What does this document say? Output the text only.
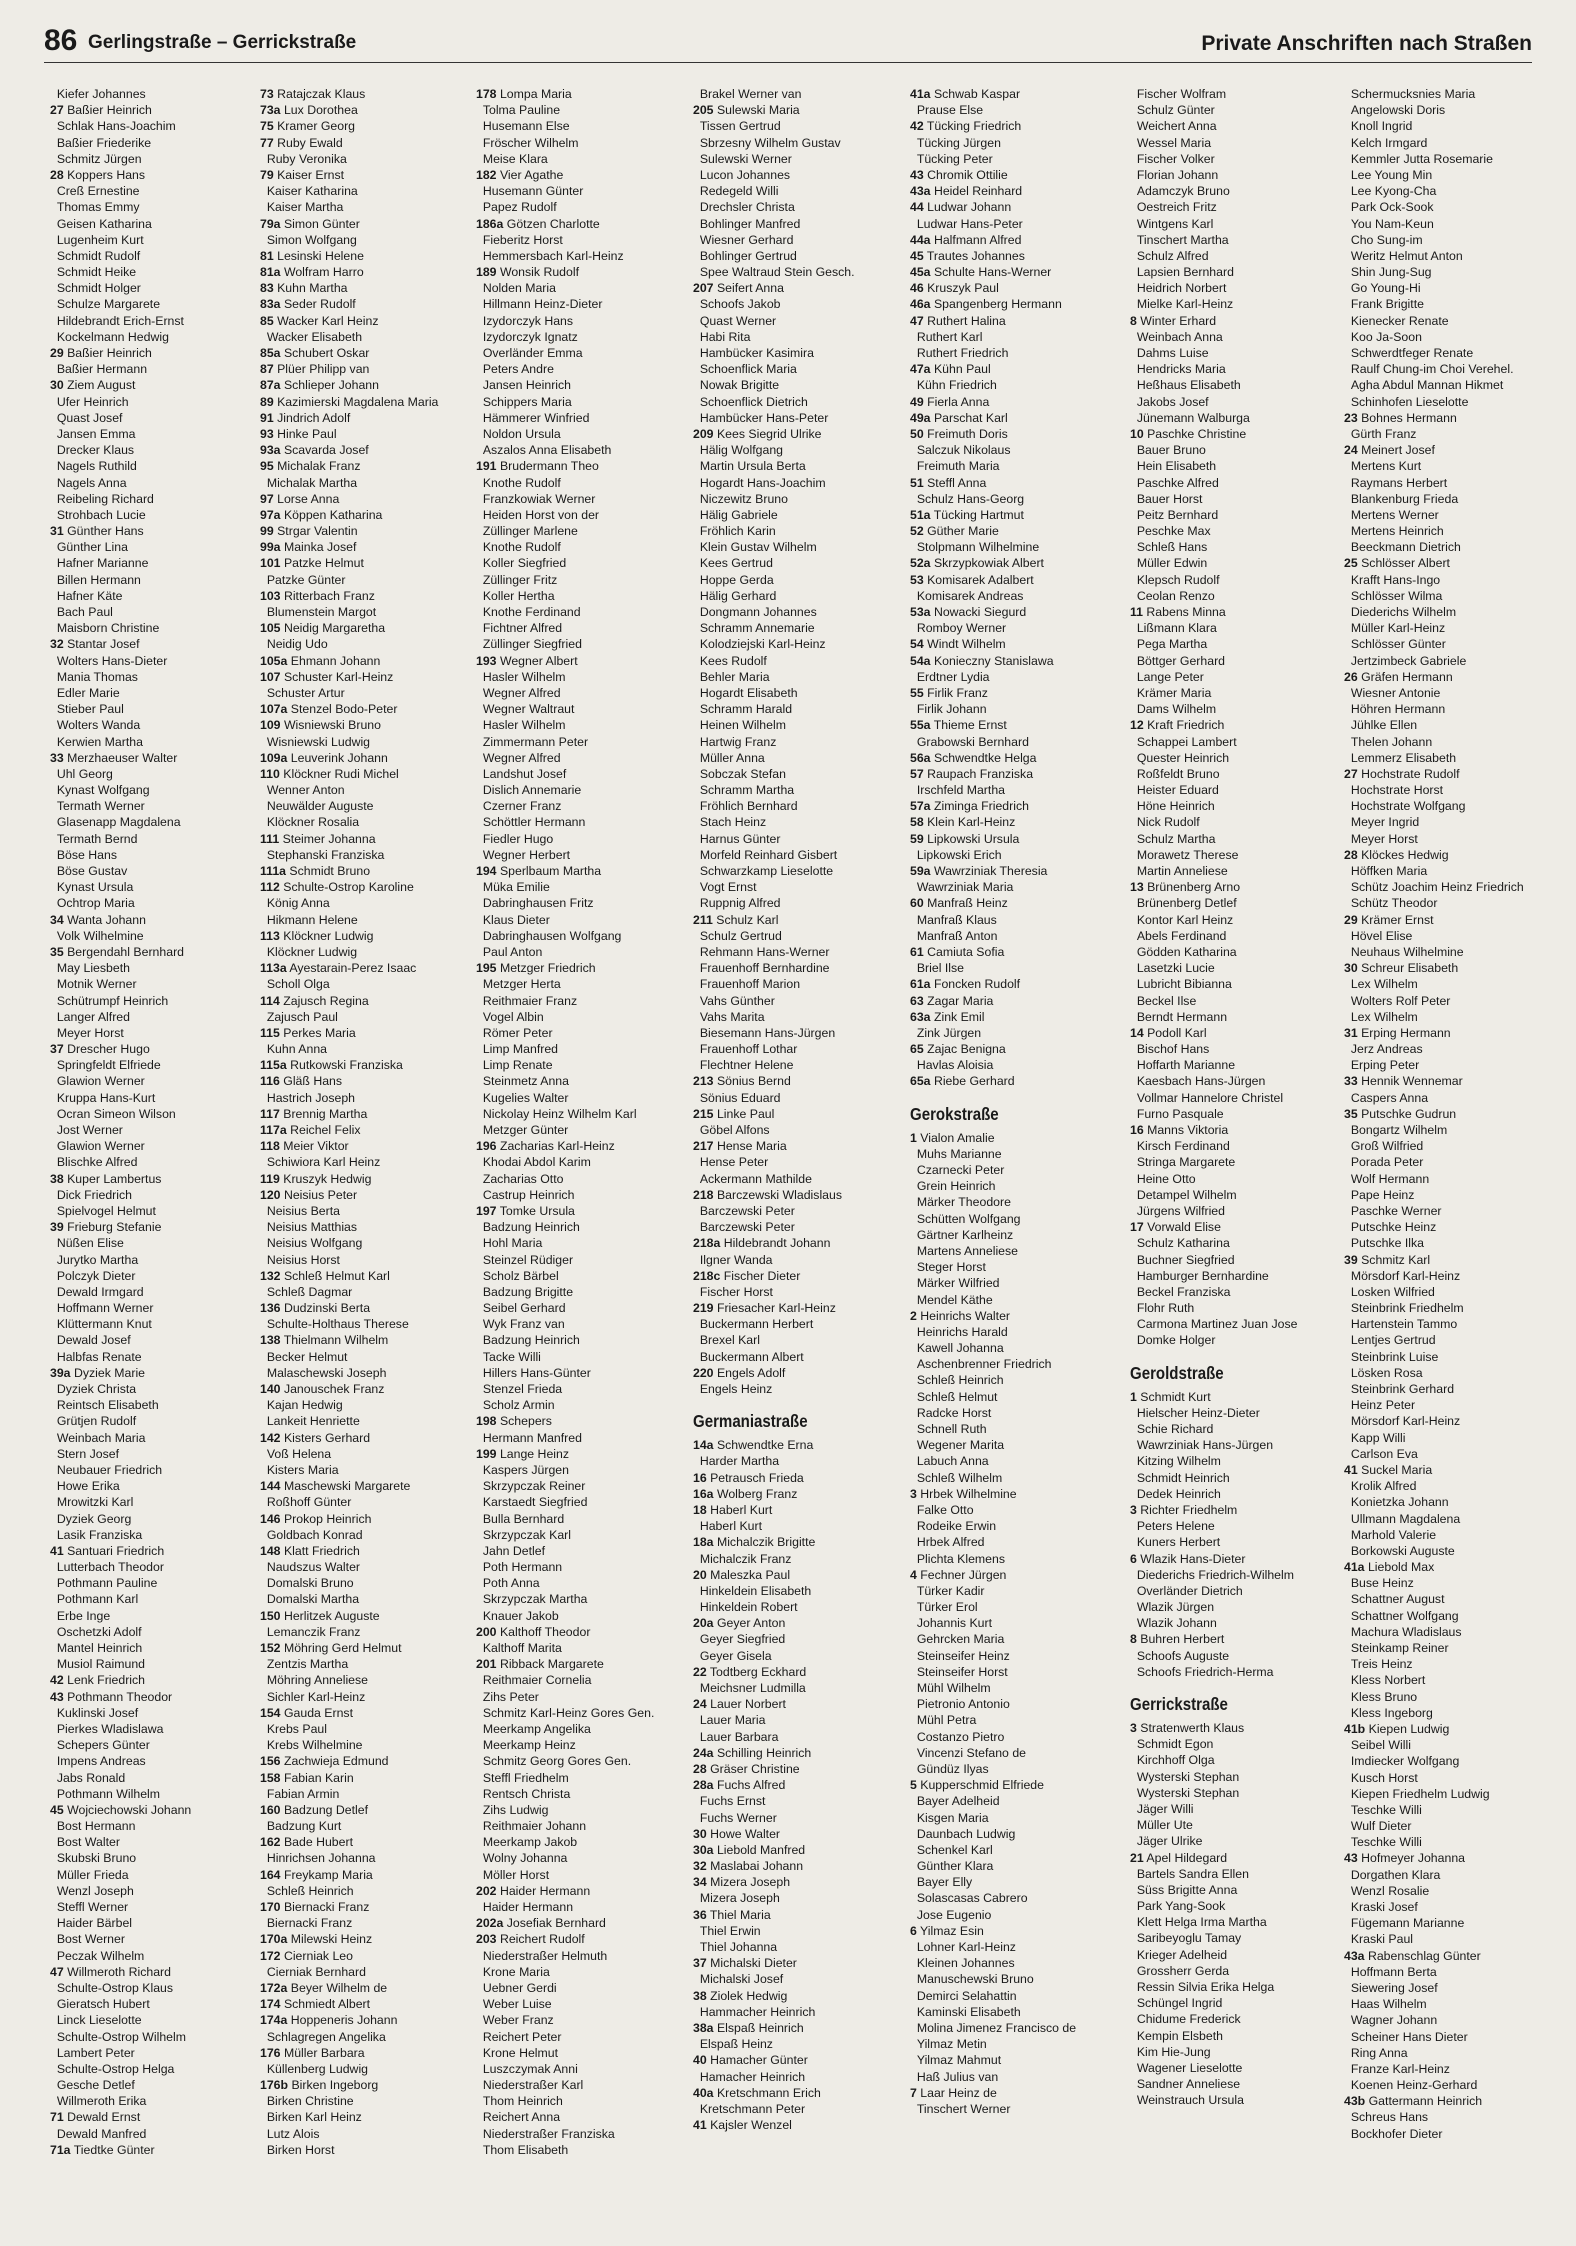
86 Gerlingstraße – Gerrickstraße	Private Anschriften nach Straßen
Kiefer Johannes
27 Baßier Heinrich
Schlak Hans-Joachim
Baßier Friederike
Schmitz Jürgen
28 Koppers Hans
Creß Ernestine
Thomas Emmy
Geisen Katharina
Lugenheim Kurt
Schmidt Rudolf
Schmidt Heike
Schmidt Holger
Schulze Margarete
Hildebrandt Erich-Ernst
Kockelmann Hedwig
29 Baßier Heinrich
Baßier Hermann
30 Ziem August
Ufer Heinrich
Quast Josef
Jansen Emma
Drecker Klaus
Nagels Ruthild
Nagels Anna
Reibeling Richard
Strohbach Lucie
31 Günther Hans
Günther Lina
Hafner Marianne
Billen Hermann
Hafner Käte
Bach Paul
Maisborn Christine
32 Stantar Josef
Wolters Hans-Dieter
Mania Thomas
Edler Marie
Stieber Paul
Wolters Wanda
Kerwien Martha
33 Merzhaeuser Walter
Uhl Georg
Kynast Wolfgang
Termath Werner
Glasenapp Magdalena
Termath Bernd
Böse Hans
Böse Gustav
Kynast Ursula
Ochtrop Maria
34 Wanta Johann
Volk Wilhelmine
35 Bergendahl Bernhard
May Liesbeth
Motnik Werner
Schütrumpf Heinrich
Langer Alfred
Meyer Horst
37 Drescher Hugo
Springfeldt Elfriede
Glawion Werner
Kruppa Hans-Kurt
Ocran Simeon Wilson
Jost Werner
Glawion Werner
Blischke Alfred
38 Kuper Lambertus
Dick Friedrich
Spielvogel Helmut
39 Frieburg Stefanie
Nüßen Elise
Jurytko Martha
Polczyk Dieter
Dewald Irmgard
Hoffmann Werner
Klüttermann Knut
Dewald Josef
Halbfas Renate
39a Dyziek Marie
Dyziek Christa
Reintsch Elisabeth
Grütjen Rudolf
Weinbach Maria
Stern Josef
Neubauer Friedrich
Howe Erika
Mrowitzki Karl
Dyziek Georg
Lasik Franziska
41 Santuari Friedrich
Lutterbach Theodor
Pothmann Pauline
Pothmann Karl
Erbe Inge
Oschetzki Adolf
Mantel Heinrich
Musiol Raimund
42 Lenk Friedrich
43 Pothmann Theodor
Kuklinski Josef
Pierkes Wladislawa
Schepers Günter
Impens Andreas
Jabs Ronald
Pothmann Wilhelm
45 Wojciechowski Johann
Bost Hermann
Bost Walter
Skubski Bruno
Müller Frieda
Wenzl Joseph
Steffl Werner
Haider Bärbel
Bost Werner
Peczak Wilhelm
47 Willmeroth Richard
Schulte-Ostrop Klaus
Gieratsch Hubert
Linck Lieselotte
Schulte-Ostrop Wilhelm
Lambert Peter
Schulte-Ostrop Helga
Gesche Detlef
Willmeroth Erika
71 Dewald Ernst
Dewald Manfred
71a Tiedtke Günter
73 Ratajczak Klaus
73a Lux Dorothea
75 Kramer Georg
77 Ruby Ewald
Ruby Veronika
79 Kaiser Ernst
Kaiser Katharina
Kaiser Martha
79a Simon Günter
Simon Wolfgang
81 Lesinski Helene
81a Wolfram Harro
83 Kuhn Martha
83a Seder Rudolf
85 Wacker Karl Heinz
Wacker Elisabeth
85a Schubert Oskar
87 Plüer Philipp van
87a Schlieper Johann
89 Kazimierski Magdalena Maria
91 Jindrich Adolf
93 Hinke Paul
93a Scavarda Josef
95 Michalak Franz
Michalak Martha
97 Lorse Anna
97a Köppen Katharina
99 Strgar Valentin
99a Mainka Josef
101 Patzke Helmut
Patzke Günter
103 Ritterbach Franz
Blumenstein Margot
105 Neidig Margaretha
Neidig Udo
105a Ehmann Johann
107 Schuster Karl-Heinz
Schuster Artur
107a Stenzel Bodo-Peter
109 Wisniewski Bruno
Wisniewski Ludwig
109a Leuverink Johann
110 Klöckner Rudi Michel
Wenner Anton
Neuwälder Auguste
Klöckner Rosalia
111 Steimer Johanna
Stephanski Franziska
111a Schmidt Bruno
112 Schulte-Ostrop Karoline
König Anna
Hikmann Helene
113 Klöckner Ludwig
Klöckner Ludwig
113a Ayestarain-Perez Isaac
Scholl Olga
114 Zajusch Regina
Zajusch Paul
115 Perkes Maria
Kuhn Anna
115a Rutkowski Franziska
116 Gläß Hans
Hastrich Joseph
117 Brennig Martha
117a Reichel Felix
118 Meier Viktor
Schiwiora Karl Heinz
119 Kruszyk Hedwig
120 Neisius Peter
Neisius Berta
Neisius Matthias
Neisius Wolfgang
Neisius Horst
132 Schleß Helmut Karl
Schleß Dagmar
136 Dudzinski Berta
Schulte-Holthaus Therese
138 Thielmann Wilhelm
Becker Helmut
Malaschewski Joseph
140 Janouschek Franz
Kajan Hedwig
Lankeit Henriette
142 Kisters Gerhard
Voß Helena
Kisters Maria
144 Maschewski Margarete
Roßhoff Günter
146 Prokop Heinrich
Goldbach Konrad
148 Klatt Friedrich
Naudszus Walter
Domalski Bruno
Domalski Martha
150 Herlitzek Auguste
Lemanczik Franz
152 Möhring Gerd Helmut
Zentzis Martha
Möhring Anneliese
Sichler Karl-Heinz
154 Gauda Ernst
Krebs Paul
Krebs Wilhelmine
156 Zachwieja Edmund
158 Fabian Karin
Fabian Armin
160 Badzung Detlef
Badzung Kurt
162 Bade Hubert
Hinrichsen Johanna
164 Freykamp Maria
Schleß Heinrich
170 Biernacki Franz
Biernacki Franz
170a Milewski Heinz
172 Cierniak Leo
Cierniak Bernhard
172a Beyer Wilhelm de
174 Schmiedt Albert
174a Hoppeneris Johann
Schlagregen Angelika
176 Müller Barbara
Küllenberg Ludwig
176b Birken Ingeborg
Birken Christine
Birken Karl Heinz
Lutz Alois
Birken Horst
178 Lompa Maria
Tolma Pauline
Husemann Else
Fröscher Wilhelm
Meise Klara
182 Vier Agathe
Husemann Günter
Papez Rudolf
186a Götzen Charlotte
Fieberitz Horst
Hemmersbach Karl-Heinz
189 Wonsik Rudolf
Nolden Maria
Hillmann Heinz-Dieter
Izydorczyk Hans
Izydorczyk Ignatz
Overländer Emma
Peters Andre
Jansen Heinrich
Schippers Maria
Hämmerer Winfried
Noldon Ursula
Aszalos Anna Elisabeth
191 Brudermann Theo
Knothe Rudolf
Franzkowiak Werner
Heiden Horst von der
Züllinger Marlene
Knothe Rudolf
Koller Siegfried
Züllinger Fritz
Koller Hertha
Knothe Ferdinand
Fichtner Alfred
Züllinger Siegfried
193 Wegner Albert
Hasler Wilhelm
Wegner Alfred
Wegner Waltraut
Hasler Wilhelm
Zimmermann Peter
Wegner Alfred
Landshut Josef
Dislich Annemarie
Czerner Franz
Schöttler Hermann
Fiedler Hugo
Wegner Herbert
194 Sperlbaum Martha
Müka Emilie
Dabringhausen Fritz
Klaus Dieter
Dabringhausen Wolfgang
Paul Anton
195 Metzger Friedrich
Metzger Herta
Reithmaier Franz
Vogel Albin
Römer Peter
Limp Manfred
Limp Renate
Steinmetz Anna
Kugelies Walter
Nickolay Heinz Wilhelm Karl
Metzger Günter
196 Zacharias Karl-Heinz
Khodai Abdol Karim
Zacharias Otto
Castrup Heinrich
197 Tomke Ursula
Badzung Heinrich
Hohl Maria
Steinzel Rüdiger
Scholz Bärbel
Badzung Brigitte
Seibel Gerhard
Wyk Franz van
Badzung Heinrich
Tacke Willi
Hillers Hans-Günter
Stenzel Frieda
Scholz Armin
198 Schepers
Hermann Manfred
199 Lange Heinz
Kaspers Jürgen
Skrzypczak Reiner
Karstaedt Siegfried
Bulla Bernhard
Skrzypczak Karl
Jahn Detlef
Poth Hermann
Poth Anna
Skrzypczak Martha
Knauer Jakob
200 Kalthoff Theodor
Kalthoff Marita
201 Ribback Margarete
Reithmaier Cornelia
Zihs Peter
Schmitz Karl-Heinz Gores Gen.
Meerkamp Angelika
Meerkamp Heinz
Schmitz Georg Gores Gen.
Steffl Friedhelm
Rentsch Christa
Zihs Ludwig
Reithmaier Johann
Meerkamp Jakob
Wolny Johanna
Möller Horst
202 Haider Hermann
Haider Hermann
202a Josefiak Bernhard
203 Reichert Rudolf
Niederstraßer Helmuth
Krone Maria
Uebner Gerdi
Weber Luise
Weber Franz
Reichert Peter
Krone Helmut
Luszczymak Anni
Niederstraßer Karl
Thom Heinrich
Reichert Anna
Niederstraßer Franziska
Thom Elisabeth
Brakel Werner van
205 Sulewski Maria
Tissen Gertrud
Sbrzesny Wilhelm Gustav
Sulewski Werner
Lucon Johannes
Redegeld Willi
Drechsler Christa
Bohlinger Manfred
Wiesner Gerhard
Bohlinger Gertrud
Spee Waltraud Stein Gesch.
207 Seifert Anna
Schoofs Jakob
Quast Werner
Habi Rita
Hambücker Kasimira
Schoenflick Maria
Nowak Brigitte
Schoenflick Dietrich
Hambücker Hans-Peter
209 Kees Siegrid Ulrike
Hälig Wolfgang
Martin Ursula Berta
Hogardt Hans-Joachim
Niczewitz Bruno
Hälig Gabriele
Fröhlich Karin
Klein Gustav Wilhelm
Kees Gertrud
Hoppe Gerda
Hälig Gerhard
Dongmann Johannes
Schramm Annemarie
Kolodziejski Karl-Heinz
Kees Rudolf
Behler Maria
Hogardt Elisabeth
Schramm Harald
Heinen Wilhelm
Hartwig Franz
Müller Anna
Sobczak Stefan
Schramm Martha
Fröhlich Bernhard
Stach Heinz
Harnus Günter
Morfeld Reinhard Gisbert
Schwarzkamp Lieselotte
Vogt Ernst
Ruppnig Alfred
211 Schulz Karl
Schulz Gertrud
Rehmann Hans-Werner
Frauenhoff Bernhardine
Frauenhoff Marion
Vahs Günther
Vahs Marita
Biesemann Hans-Jürgen
Frauenhoff Lothar
Flechtner Helene
213 Sönius Bernd
Sönius Eduard
215 Linke Paul
Göbel Alfons
217 Hense Maria
Hense Peter
Ackermann Mathilde
218 Barczewski Wladislaus
Barczewski Peter
Barczewski Peter
218a Hildebrandt Johann
Ilgner Wanda
218c Fischer Dieter
Fischer Horst
219 Friesacher Karl-Heinz
Buckermann Herbert
Brexel Karl
Buckermann Albert
220 Engels Adolf
Engels Heinz
Germaniastraße
14a Schwendtke Erna
Harder Martha
16 Petrausch Frieda
16a Wolberg Franz
18 Haberl Kurt
Haberl Kurt
18a Michalczik Brigitte
Michalczik Franz
20 Maleszka Paul
Hinkeldein Elisabeth
Hinkeldein Robert
20a Geyer Anton
Geyer Siegfried
Geyer Gisela
22 Todtberg Eckhard
Meichsner Ludmilla
24 Lauer Norbert
Lauer Maria
Lauer Barbara
24a Schilling Heinrich
28 Gräser Christine
28a Fuchs Alfred
Fuchs Ernst
Fuchs Werner
30 Howe Walter
30a Liebold Manfred
32 Maslabai Johann
34 Mizera Joseph
Mizera Joseph
36 Thiel Maria
Thiel Erwin
Thiel Johanna
37 Michalski Dieter
Michalski Josef
38 Ziolek Hedwig
Hammacher Heinrich
38a Elspaß Heinrich
Elspaß Heinz
40 Hamacher Günter
Hamacher Heinrich
40a Kretschmann Erich
Kretschmann Peter
41 Kajsler Wenzel
41a Schwab Kaspar
Prause Else
42 Tücking Friedrich
Tücking Jürgen
Tücking Peter
43 Chromik Ottilie
43a Heidel Reinhard
44 Ludwar Johann
Ludwar Hans-Peter
44a Halfmann Alfred
45 Trautes Johannes
45a Schulte Hans-Werner
46 Kruszyk Paul
46a Spangenberg Hermann
47 Ruthert Halina
Ruthert Karl
Ruthert Friedrich
47a Kühn Paul
Kühn Friedrich
49 Fierla Anna
49a Parschat Karl
50 Freimuth Doris
Salczuk Nikolaus
Freimuth Maria
51 Steffl Anna
Schulz Hans-Georg
51a Tücking Hartmut
52 Güther Marie
Stolpmann Wilhelmine
52a Skrzypkowiak Albert
53 Komisarek Adalbert
Komisarek Andreas
53a Nowacki Siegurd
Romboy Werner
54 Windt Wilhelm
54a Konieczny Stanislawa
Erdtner Lydia
55 Firlik Franz
Firlik Johann
55a Thieme Ernst
Grabowski Bernhard
56a Schwendtke Helga
57 Raupach Franziska
Irschfeld Martha
57a Ziminga Friedrich
58 Klein Karl-Heinz
59 Lipkowski Ursula
Lipkowski Erich
59a Wawrziniak Theresia
Wawrziniak Maria
60 Manfraß Heinz
Manfraß Klaus
Manfraß Anton
61 Camiuta Sofia
Briel Ilse
61a Foncken Rudolf
63 Zagar Maria
63a Zink Emil
Zink Jürgen
65 Zajac Benigna
Havlas Aloisia
65a Riebe Gerhard
Gerokstraße
1 Vialon Amalie
Muhs Marianne
Czarnecki Peter
Grein Heinrich
Märker Theodore
Schütten Wolfgang
Gärtner Karlheinz
Martens Anneliese
Steger Horst
Märker Wilfried
Mendel Käthe
2 Heinrichs Walter
Heinrichs Harald
Kawell Johanna
Aschenbrenner Friedrich
Schleß Heinrich
Schleß Helmut
Radcke Horst
Schnell Ruth
Wegener Marita
Labuch Anna
Schleß Wilhelm
3 Hrbek Wilhelmine
Falke Otto
Rodeike Erwin
Hrbek Alfred
Plichta Klemens
4 Fechner Jürgen
Türker Kadir
Türker Erol
Johannis Kurt
Gehrcken Maria
Steinseifer Heinz
Steinseifer Horst
Mühl Wilhelm
Pietronio Antonio
Mühl Petra
Costanzo Pietro
Vincenzi Stefano de
Gündüz Ilyas
5 Kupperschmid Elfriede
Bayer Adelheid
Kisgen Maria
Daunbach Ludwig
Schenkel Karl
Günther Klara
Bayer Elly
Solascasas Cabrero
Jose Eugenio
6 Yilmaz Esin
Lohner Karl-Heinz
Kleinen Johannes
Manuschewski Bruno
Demirci Selahattin
Kaminski Elisabeth
Molina Jimenez Francisco de
Yilmaz Metin
Yilmaz Mahmut
Haß Julius van
7 Laar Heinz de
Tinschert Werner
Fischer Wolfram
Schulz Günter
Weichert Anna
Wessel Maria
Fischer Volker
Florian Johann
Adamczyk Bruno
Oestreich Fritz
Wintgens Karl
Tinschert Martha
Schulz Alfred
Lapsien Bernhard
Heidrich Norbert
Mielke Karl-Heinz
8 Winter Erhard
Weinbach Anna
Dahms Luise
Hendricks Maria
Heßhaus Elisabeth
Jakobs Josef
Jünemann Walburga
10 Paschke Christine
Bauer Bruno
Hein Elisabeth
Paschke Alfred
Bauer Horst
Peitz Bernhard
Peschke Max
Schleß Hans
Müller Edwin
Klepsch Rudolf
Ceolan Renzo
11 Rabens Minna
Lißmann Klara
Pega Martha
Böttger Gerhard
Lange Peter
Krämer Maria
Dams Wilhelm
12 Kraft Friedrich
Schappei Lambert
Quester Heinrich
Roßfeldt Bruno
Heister Eduard
Höne Heinrich
Nick Rudolf
Schulz Martha
Morawetz Therese
Martin Anneliese
13 Brünenberg Arno
Brünenberg Detlef
Kontor Karl Heinz
Abels Ferdinand
Gödden Katharina
Lasetzki Lucie
Lubricht Bibianna
Beckel Ilse
Berndt Hermann
14 Podoll Karl
Bischof Hans
Hoffarth Marianne
Kaesbach Hans-Jürgen
Vollmar Hannelore Christel
Furno Pasquale
16 Manns Viktoria
Kirsch Ferdinand
Stringa Margarete
Heine Otto
Detampel Wilhelm
Jürgens Wilfried
17 Vorwald Elise
Schulz Katharina
Buchner Siegfried
Hamburger Bernhardine
Beckel Franziska
Flohr Ruth
Carmona Martinez Juan Jose
Domke Holger
Geroldstraße
1 Schmidt Kurt
Hielscher Heinz-Dieter
Schie Richard
Wawrziniak Hans-Jürgen
Kitzing Wilhelm
Schmidt Heinrich
Dedek Heinrich
3 Richter Friedhelm
Peters Helene
Kuners Herbert
6 Wlazik Hans-Dieter
Diederichs Friedrich-Wilhelm
Overländer Dietrich
Wlazik Jürgen
Wlazik Johann
8 Buhren Herbert
Schoofs Auguste
Schoofs Friedrich-Herma
Gerrickstraße
3 Stratenwerth Klaus
Schmidt Egon
Kirchhoff Olga
Wysterski Stephan
Wysterski Stephan
Jäger Willi
Müller Ute
Jäger Ulrike
21 Apel Hildegard
Bartels Sandra Ellen
Süss Brigitte Anna
Park Yang-Sook
Klett Helga Irma Martha
Saribeyoglu Tamay
Krieger Adelheid
Grossherr Gerda
Ressin Silvia Erika Helga
Schüngel Ingrid
Chidume Frederick
Kempin Elsbeth
Kim Hie-Jung
Wagener Lieselotte
Sandner Anneliese
Weinstrauch Ursula
Schermucksnies Maria
Angelowski Doris
Knoll Ingrid
Kelch Irmgard
Kemmler Jutta Rosemarie
Lee Young Min
Lee Kyong-Cha
Park Ock-Sook
You Nam-Keun
Cho Sung-im
Weritz Helmut Anton
Shin Jung-Sug
Go Young-Hi
Frank Brigitte
Kienecker Renate
Koo Ja-Soon
Schwerdtfeger Renate
Raulf Chung-im Choi Verehel.
Agha Abdul Mannan Hikmet
Schinhofen Lieselotte
23 Bohnes Hermann
Gürth Franz
24 Meinert Josef
Mertens Kurt
Raymans Herbert
Blankenburg Frieda
Mertens Werner
Mertens Heinrich
Beeckmann Dietrich
25 Schlösser Albert
Krafft Hans-Ingo
Schlösser Wilma
Diederichs Wilhelm
Müller Karl-Heinz
Schlösser Günter
Jertzimbeck Gabriele
26 Gräfen Hermann
Wiesner Antonie
Höhren Hermann
Jühlke Ellen
Thelen Johann
Lemmerz Elisabeth
27 Hochstrate Rudolf
Hochstrate Horst
Hochstrate Wolfgang
Meyer Ingrid
Meyer Horst
28 Klöckes Hedwig
Höffken Maria
Schütz Joachim Heinz Friedrich
Schütz Theodor
29 Krämer Ernst
Hövel Elise
Neuhaus Wilhelmine
30 Schreur Elisabeth
Lex Wilhelm
Wolters Rolf Peter
Lex Wilhelm
31 Erping Hermann
Jerz Andreas
Erping Peter
33 Hennik Wennemar
Caspers Anna
35 Putschke Gudrun
Bongartz Wilhelm
Groß Wilfried
Porada Peter
Wolf Hermann
Pape Heinz
Paschke Werner
Putschke Heinz
Putschke Ilka
39 Schmitz Karl
Mörsdorf Karl-Heinz
Losken Wilfried
Steinbrink Friedhelm
Hartenstein Tammo
Lentjes Gertrud
Steinbrink Luise
Lösken Rosa
Steinbrink Gerhard
Heinz Peter
Mörsdorf Karl-Heinz
Kapp Willi
Carlson Eva
41 Suckel Maria
Krolik Alfred
Konietzka Johann
Ullmann Magdalena
Marhold Valerie
Borkowski Auguste
41a Liebold Max
Buse Heinz
Schattner August
Schattner Wolfgang
Machura Wladislaus
Steinkamp Reiner
Treis Heinz
Kless Norbert
Kless Bruno
Kless Ingeborg
41b Kiepen Ludwig
Seibel Willi
Imdiecker Wolfgang
Kusch Horst
Kiepen Friedhelm Ludwig
Teschke Willi
Wulf Dieter
Teschke Willi
43 Hofmeyer Johanna
Dorgathen Klara
Wenzl Rosalie
Kraski Josef
Fügemann Marianne
Kraski Paul
43a Rabenschlag Günter
Hoffmann Berta
Siewering Josef
Haas Wilhelm
Wagner Johann
Scheiner Hans Dieter
Ring Anna
Franze Karl-Heinz
Koenen Heinz-Gerhard
43b Gattermann Heinrich
Schreus Hans
Bockhofer Dieter
